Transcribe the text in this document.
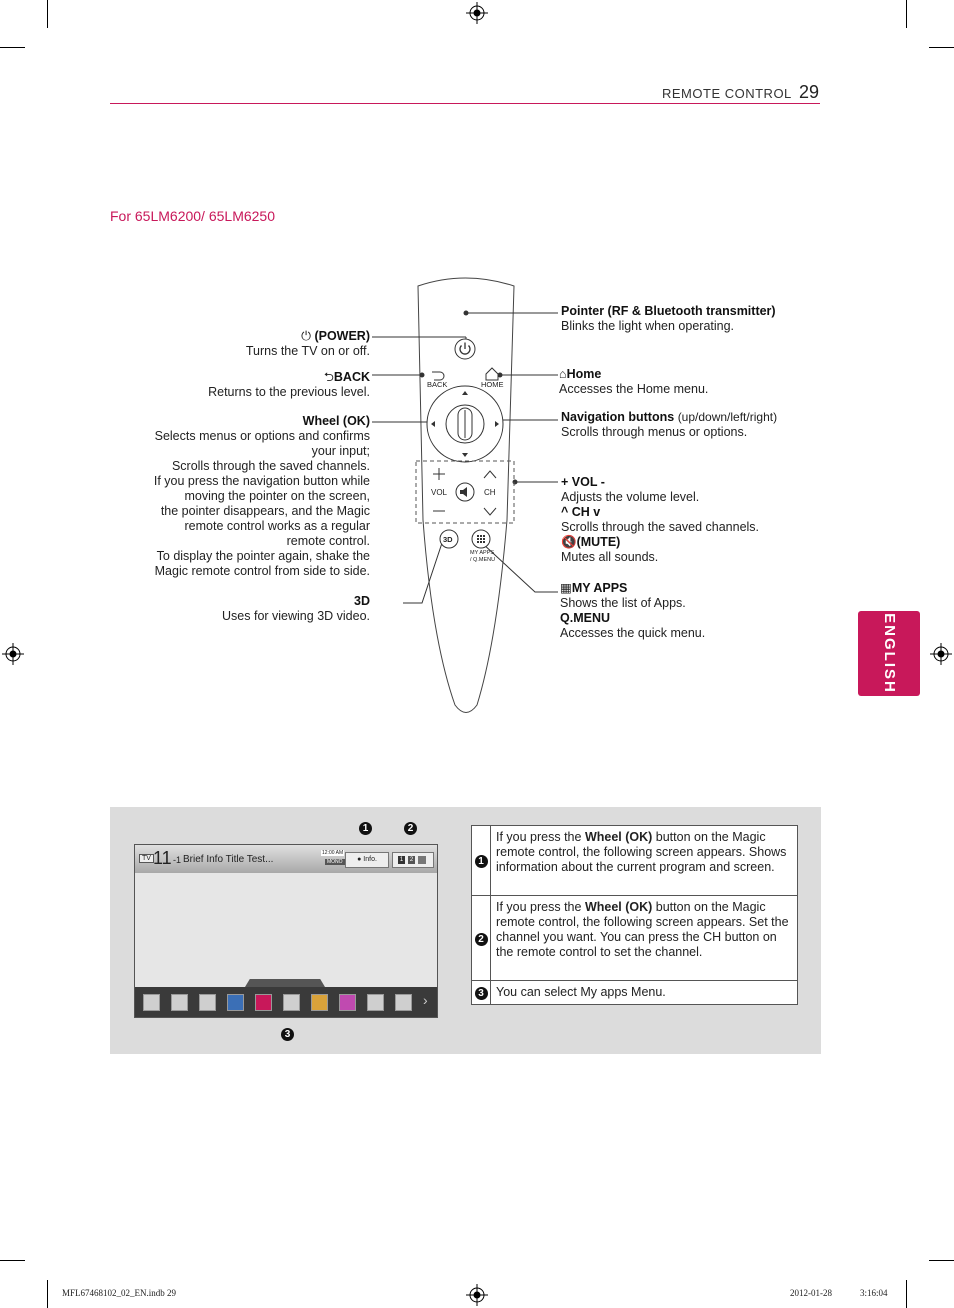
REMOTE CONTROL 29
ENGLISH
For 65LM6200/ 65LM6250
BACK	HOME
VOL	CH
3D
MY APPS
/ Q.MENU
⏻ (POWER)
Turns the TV on or off.
⮌BACK
Returns to the previous level.
Wheel (OK)
Selects menus or options and confirms
your input;
Scrolls through the saved channels.
If you press the navigation button while
moving the pointer on the screen,
the pointer disappears, and the Magic
remote control works as a regular
remote control.
To display the pointer again, shake the
Magic remote control from side to side.
3D
Uses for viewing 3D video.
Pointer (RF & Bluetooth transmitter)
Blinks the light when operating.
⌂Home
Accesses the Home menu.
Navigation buttons (up/down/left/right)
Scrolls through menus or options.
+ VOL -
Adjusts the volume level.
^ CH v
Scrolls through the saved channels.
🔇(MUTE)
Mutes all sounds.
▦MY APPS
Shows the list of Apps.
Q.MENU
Accesses the quick menu.
1	2
3
TV 11 -1 Brief Info Title Test...
12:00 AM
MONO	● Info.	1	2
›
1	If you press the Wheel (OK) button on the Magic remote control, the following screen appears. Shows information about the current program and screen.
2	If you press the Wheel (OK) button on the Magic remote control, the following screen appears. Set the channel you want. You can press the CH button on the remote control to set the channel.
3	You can select My apps Menu.
MFL67468102_02_EN.indb 29	2012-01-28	3:16:04
